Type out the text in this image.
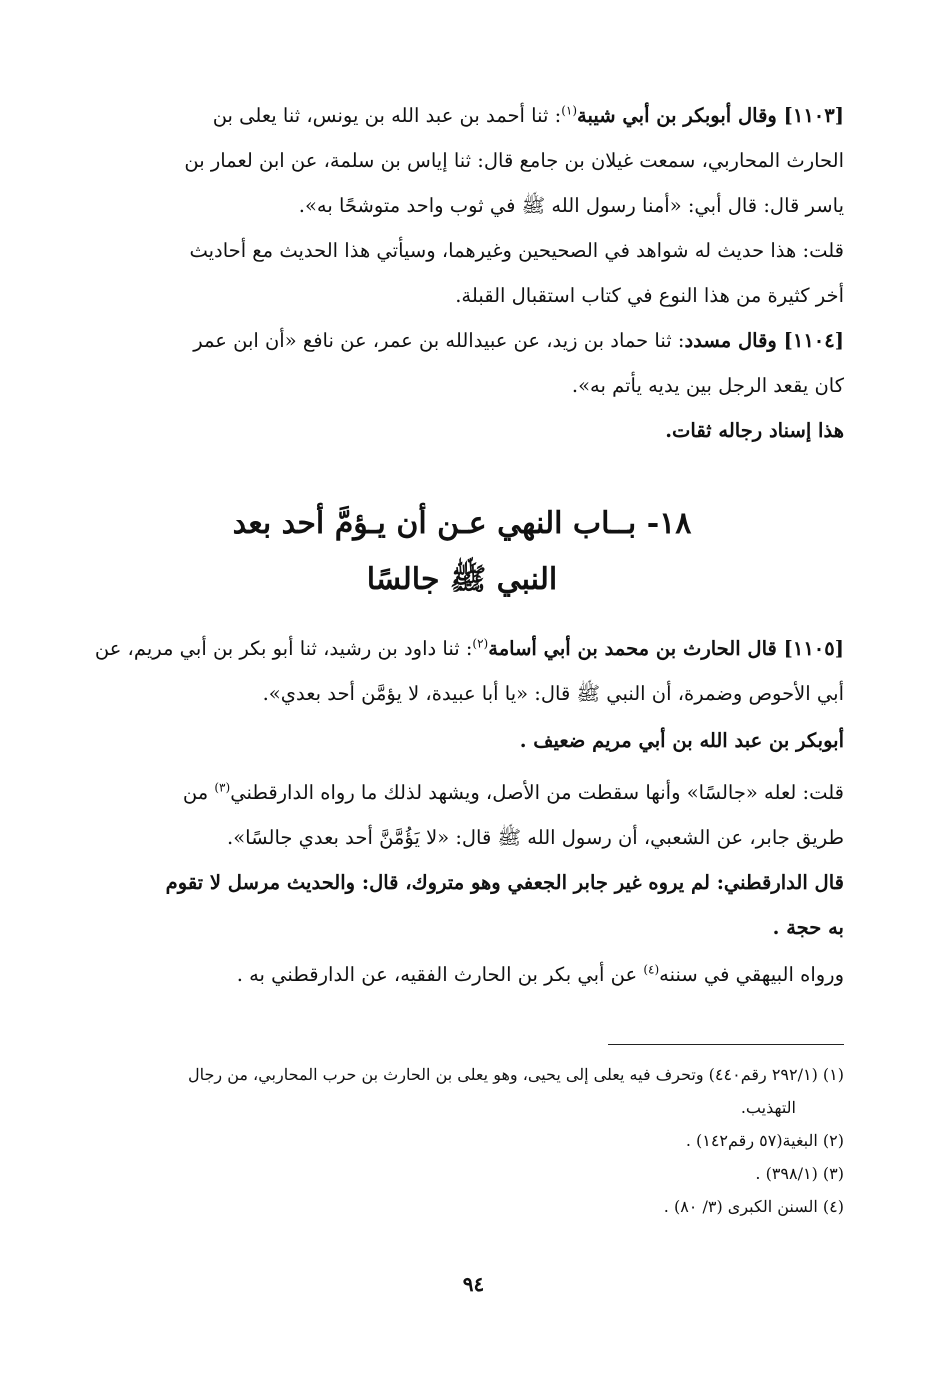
[١١٠٣] وقال أبوبكر بن أبي شيبة$^{(١)}$: ثنا أحمد بن عبد الله بن يونس، ثنا يعلى بن
الحارث المحاربي، سمعت غيلان بن جامع قال: ثنا إياس بن سلمة، عن ابن لعمار بن
ياسر قال: قال أبي: «أمنا رسول الله ﷺ في ثوب واحد متوشحًا به».
قلت: هذا حديث له شواهد في الصحيحين وغيرهما، وسيأتي هذا الحديث مع أحاديث
أخر كثيرة من هذا النوع في كتاب استقبال القبلة.
[١١٠٤] وقال مسدد: ثنا حماد بن زيد، عن عبيدالله بن عمر، عن نافع «أن ابن عمر
كان يقعد الرجل بين يديه يأتم به».
هذا إسناد رجاله ثقات.
١٨- بــاب النهي عـن أن يـؤمَّ أحد بعد
النبي ﷺ جالسًا
[١١٠٥] قال الحارث بن محمد بن أبي أسامة$^{(٢)}$: ثنا داود بن رشيد، ثنا أبو بكر بن أبي مريم، عن
أبي الأحوص وضمرة، أن النبي ﷺ قال: «يا أبا عبيدة، لا يؤمَّن أحد بعدي».
أبوبكر بن عبد الله بن أبي مريم ضعيف .
قلت: لعله «جالسًا» وأنها سقطت من الأصل، ويشهد لذلك ما رواه الدارقطني$^{(٣)}$ من
طريق جابر، عن الشعبي، أن رسول الله ﷺ قال: «لا يَؤُمَّنَّ أحد بعدي جالسًا».
قال الدارقطني: لم يروه غير جابر الجعفي وهو متروك، قال: والحديث مرسل لا تقوم
به حجة .
ورواه البيهقي في سننه$^{(٤)}$ عن أبي بكر بن الحارث الفقيه، عن الدارقطني به .
(١) (٢٩٢/١ رقم٤٤٠) وتحرف فيه يعلى إلى يحيى، وهو يعلى بن الحارث بن حرب المحاربي، من رجال
التهذيب.
(٢) البغية(٥٧ رقم١٤٢) .
(٣) (٣٩٨/١) .
(٤) السنن الكبرى (٣/ ٨٠) .
٩٤
